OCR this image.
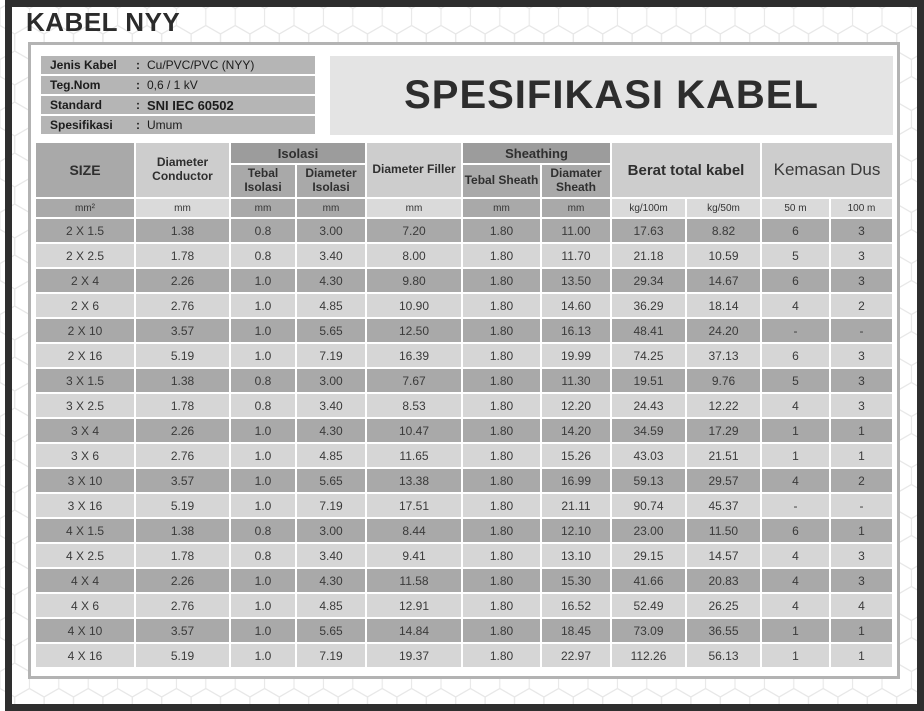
KABEL NYY
Jenis Kabel	: Cu/PVC/PVC (NYY)
Teg.Nom	: 0,6 / 1 kV
Standard	: SNI IEC 60502
Spesifikasi	: Umum
SPESIFIKASI KABEL
SIZE	Diameter Conductor	Isolasi		Diameter Filler	Sheathing		Berat total kabel		Kemasan Dus	
		Tebal Isolasi	Diameter Isolasi		Tebal Sheath	Diamater Sheath				
mm²	mm	mm	mm	mm	mm	mm	kg/100m	kg/50m	50 m	100 m
2 X 1.5	1.38	0.8	3.00	7.20	1.80	11.00	17.63	8.82	6	3
2 X 2.5	1.78	0.8	3.40	8.00	1.80	11.70	21.18	10.59	5	3
2 X 4	2.26	1.0	4.30	9.80	1.80	13.50	29.34	14.67	6	3
2 X 6	2.76	1.0	4.85	10.90	1.80	14.60	36.29	18.14	4	2
2 X 10	3.57	1.0	5.65	12.50	1.80	16.13	48.41	24.20	-	-
2 X 16	5.19	1.0	7.19	16.39	1.80	19.99	74.25	37.13	6	3
3 X 1.5	1.38	0.8	3.00	7.67	1.80	11.30	19.51	9.76	5	3
3 X 2.5	1.78	0.8	3.40	8.53	1.80	12.20	24.43	12.22	4	3
3 X 4	2.26	1.0	4.30	10.47	1.80	14.20	34.59	17.29	1	1
3 X 6	2.76	1.0	4.85	11.65	1.80	15.26	43.03	21.51	1	1
3 X 10	3.57	1.0	5.65	13.38	1.80	16.99	59.13	29.57	4	2
3 X 16	5.19	1.0	7.19	17.51	1.80	21.11	90.74	45.37	-	-
4 X 1.5	1.38	0.8	3.00	8.44	1.80	12.10	23.00	11.50	6	1
4 X 2.5	1.78	0.8	3.40	9.41	1.80	13.10	29.15	14.57	4	3
4 X 4	2.26	1.0	4.30	11.58	1.80	15.30	41.66	20.83	4	3
4 X 6	2.76	1.0	4.85	12.91	1.80	16.52	52.49	26.25	4	4
4 X 10	3.57	1.0	5.65	14.84	1.80	18.45	73.09	36.55	1	1
4 X 16	5.19	1.0	7.19	19.37	1.80	22.97	112.26	56.13	1	1
